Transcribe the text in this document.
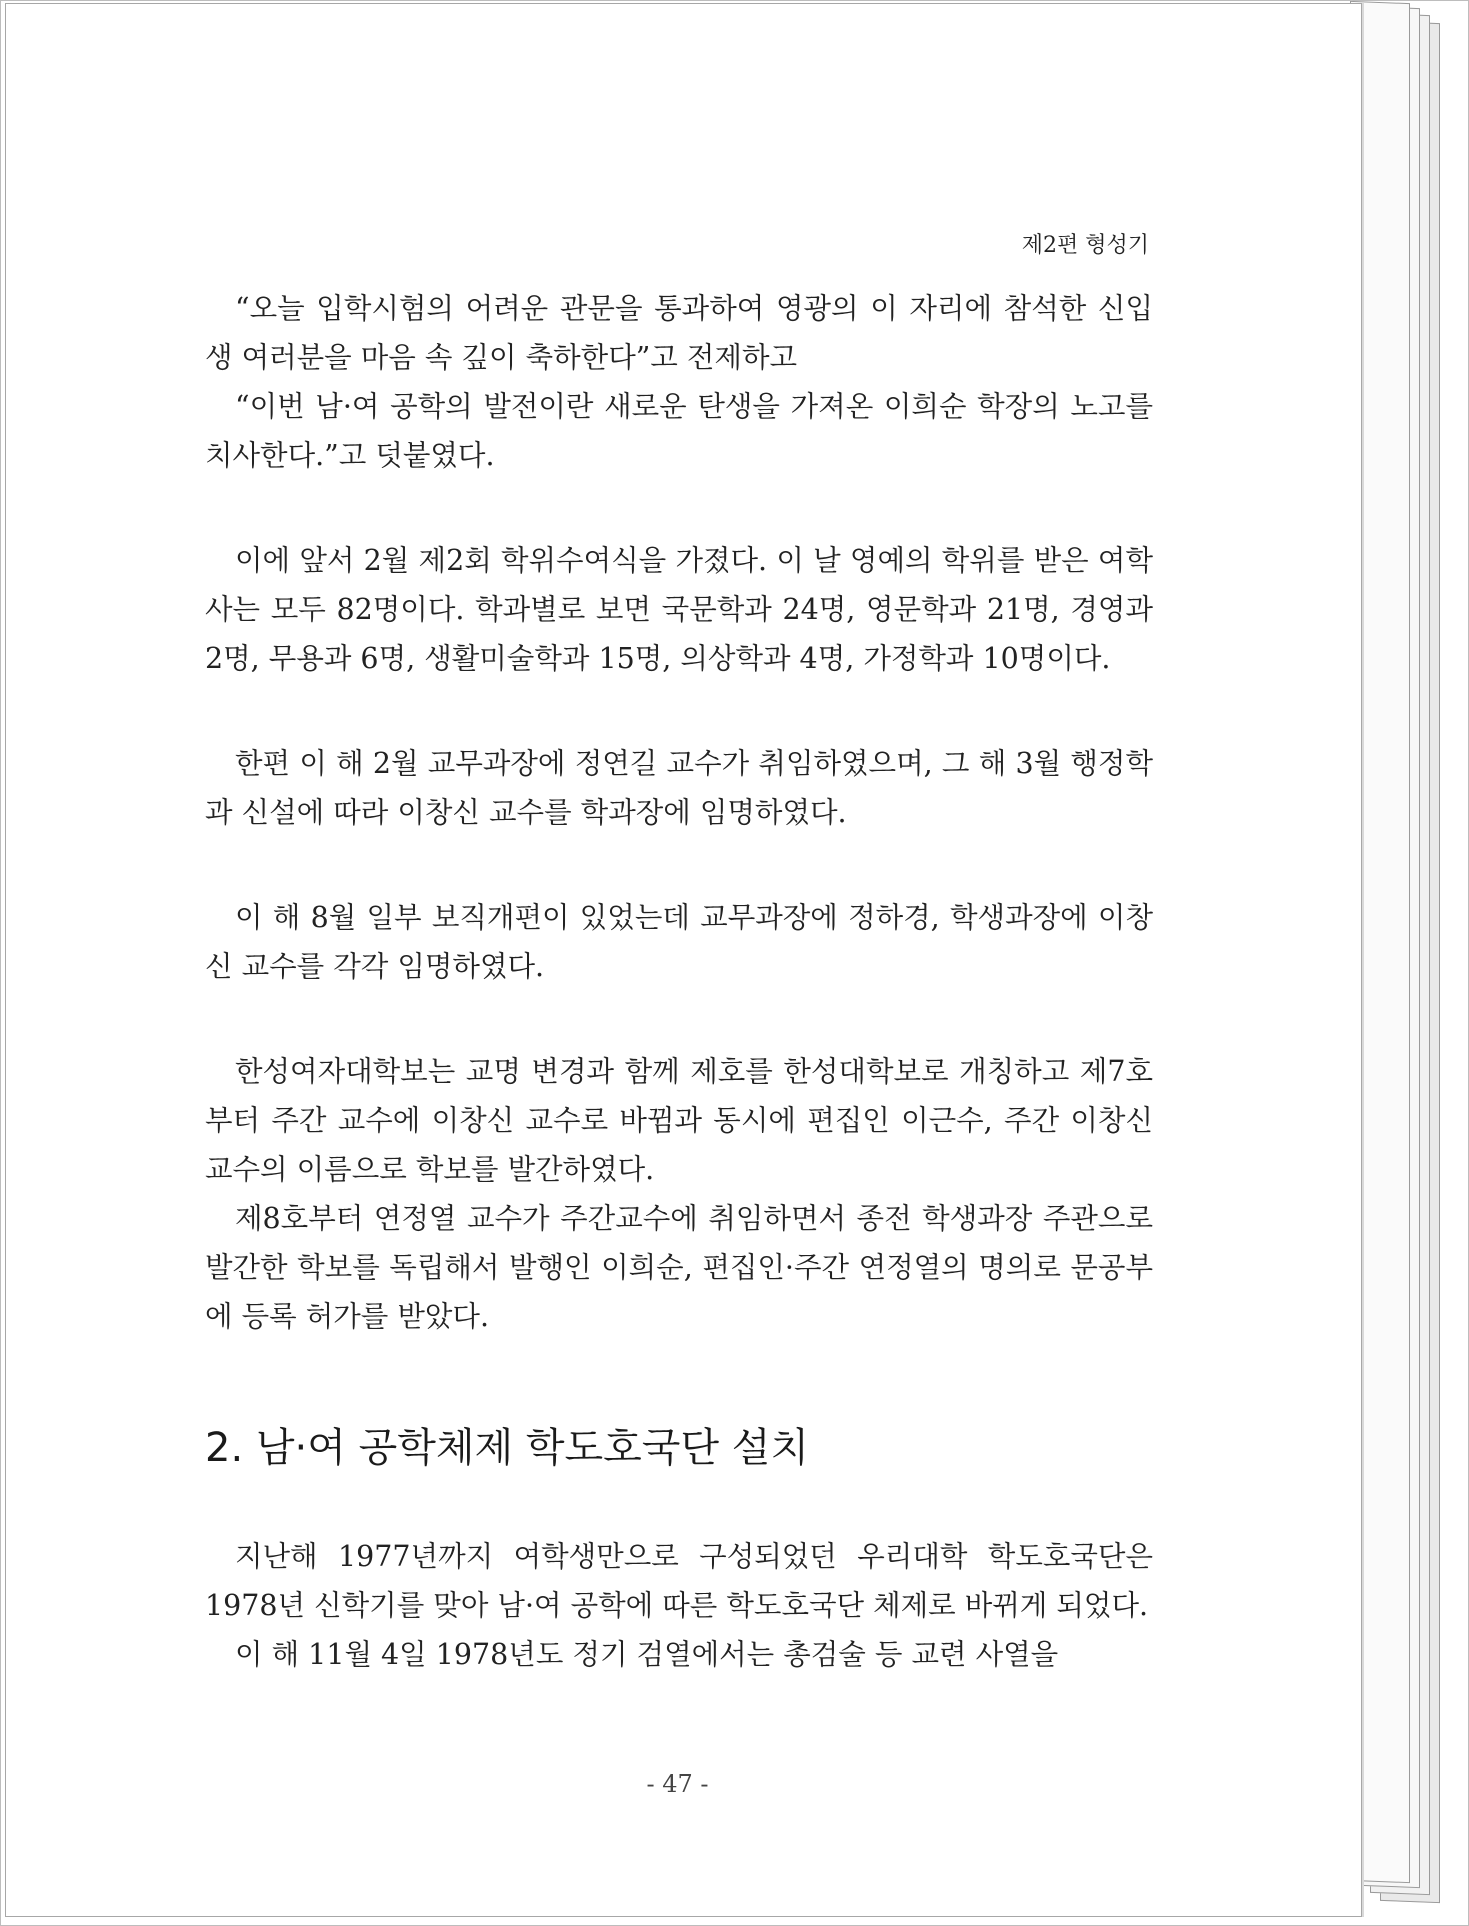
제2편 형성기

“오늘 입학시험의 어려운 관문을 통과하여 영광의 이 자리에 참석한 신입생 여러분을 마음 속 깊이 축하한다”고 전제하고

“이번 남·여 공학의 발전이란 새로운 탄생을 가져온 이희순 학장의 노고를 치사한다.”고 덧붙였다.

이에 앞서 2월 제2회 학위수여식을 가졌다. 이 날 영예의 학위를 받은 여학사는 모두 82명이다. 학과별로 보면 국문학과 24명, 영문학과 21명, 경영과 2명, 무용과 6명, 생활미술학과 15명, 의상학과 4명, 가정학과 10명이다.

한편 이 해 2월 교무과장에 정연길 교수가 취임하였으며, 그 해 3월 행정학과 신설에 따라 이창신 교수를 학과장에 임명하였다.

이 해 8월 일부 보직개편이 있었는데 교무과장에 정하경, 학생과장에 이창신 교수를 각각 임명하였다.

한성여자대학보는 교명 변경과 함께 제호를 한성대학보로 개칭하고 제7호부터 주간 교수에 이창신 교수로 바뀜과 동시에 편집인 이근수, 주간 이창신 교수의 이름으로 학보를 발간하였다.

제8호부터 연정열 교수가 주간교수에 취임하면서 종전 학생과장 주관으로 발간한 학보를 독립해서 발행인 이희순, 편집인·주간 연정열의 명의로 문공부에 등록 허가를 받았다.

2. 남·여 공학체제 학도호국단 설치

지난해 1977년까지 여학생만으로 구성되었던 우리대학 학도호국단은 1978년 신학기를 맞아 남·여 공학에 따른 학도호국단 체제로 바뀌게 되었다.

이 해 11월 4일 1978년도 정기 검열에서는 총검술 등 교련 사열을

- 47 -
